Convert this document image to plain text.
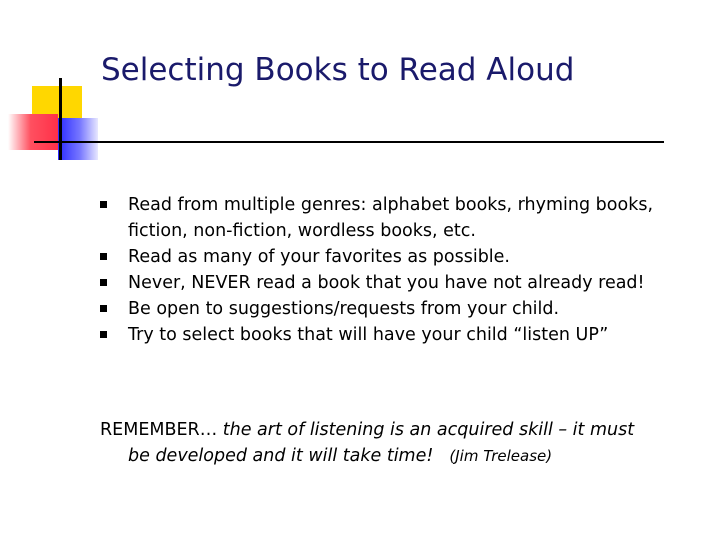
Selecting Books to Read Aloud
Read from multiple genres: alphabet books, rhyming books,
fiction, non-fiction, wordless books, etc.
Read as many of your favorites as possible.
Never, NEVER read a book that you have not already read!
Be open to suggestions/requests from your child.
Try to select books that will have your child “listen UP”
REMEMBER… the art of listening is an acquired skill – it must
be developed and it will take time! (Jim Trelease)
